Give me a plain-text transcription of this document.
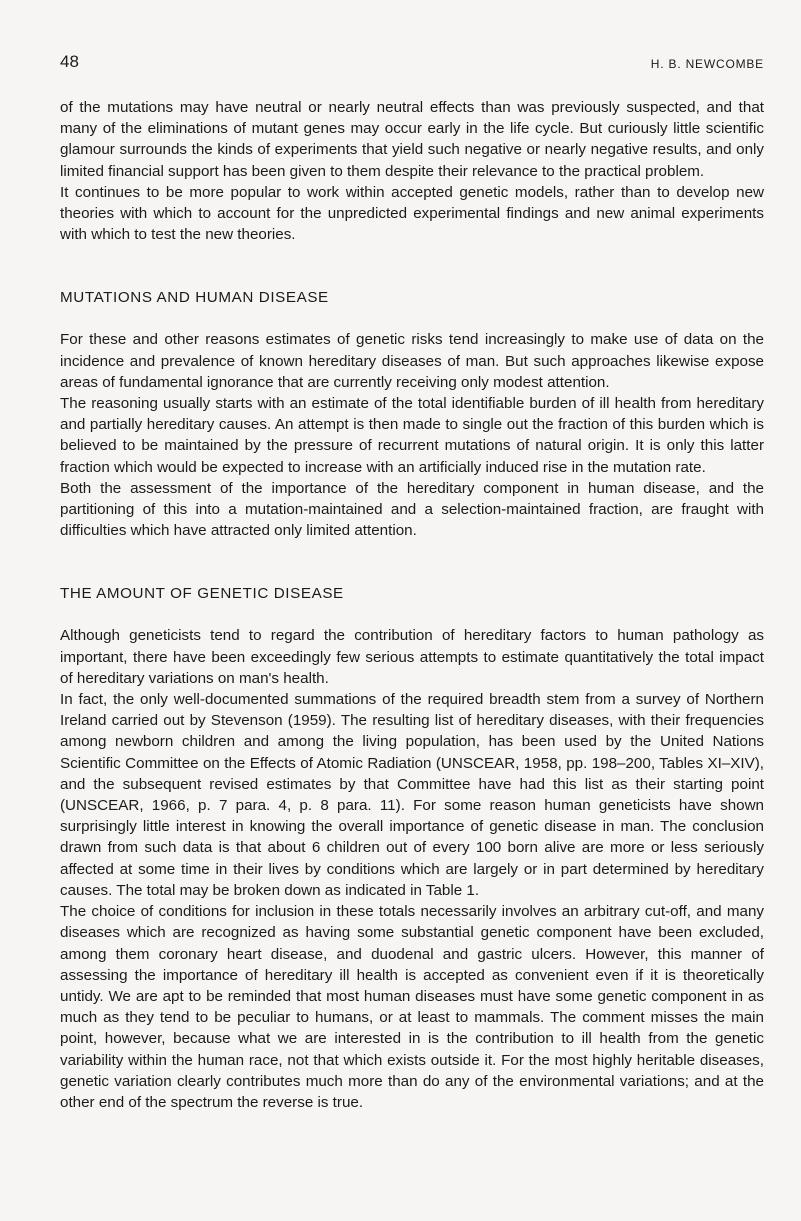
48	H. B. NEWCOMBE

of the mutations may have neutral or nearly neutral effects than was previously suspected, and that many of the eliminations of mutant genes may occur early in the life cycle. But curiously little scientific glamour surrounds the kinds of experiments that yield such negative or nearly negative results, and only limited financial support has been given to them despite their relevance to the practical problem.

It continues to be more popular to work within accepted genetic models, rather than to develop new theories with which to account for the unpredicted experimental findings and new animal experiments with which to test the new theories.

MUTATIONS AND HUMAN DISEASE

For these and other reasons estimates of genetic risks tend increasingly to make use of data on the incidence and prevalence of known hereditary diseases of man. But such approaches likewise expose areas of fundamental ignorance that are currently receiving only modest attention.

The reasoning usually starts with an estimate of the total identifiable burden of ill health from hereditary and partially hereditary causes. An attempt is then made to single out the fraction of this burden which is believed to be maintained by the pressure of recurrent mutations of natural origin. It is only this latter fraction which would be expected to increase with an artificially induced rise in the mutation rate.

Both the assessment of the importance of the hereditary component in human disease, and the partitioning of this into a mutation-maintained and a selection-maintained fraction, are fraught with difficulties which have attracted only limited attention.

THE AMOUNT OF GENETIC DISEASE

Although geneticists tend to regard the contribution of hereditary factors to human pathology as important, there have been exceedingly few serious attempts to estimate quantitatively the total impact of hereditary variations on man's health.

In fact, the only well-documented summations of the required breadth stem from a survey of Northern Ireland carried out by Stevenson (1959). The resulting list of hereditary diseases, with their frequencies among newborn children and among the living population, has been used by the United Nations Scientific Committee on the Effects of Atomic Radiation (UNSCEAR, 1958, pp. 198–200, Tables XI–XIV), and the subsequent revised estimates by that Committee have had this list as their starting point (UNSCEAR, 1966, p. 7 para. 4, p. 8 para. 11). For some reason human geneticists have shown surprisingly little interest in knowing the overall importance of genetic disease in man. The conclusion drawn from such data is that about 6 children out of every 100 born alive are more or less seriously affected at some time in their lives by conditions which are largely or in part determined by hereditary causes. The total may be broken down as indicated in Table 1.

The choice of conditions for inclusion in these totals necessarily involves an arbitrary cut-off, and many diseases which are recognized as having some substantial genetic component have been excluded, among them coronary heart disease, and duodenal and gastric ulcers. However, this manner of assessing the importance of hereditary ill health is accepted as convenient even if it is theoretically untidy. We are apt to be reminded that most human diseases must have some genetic component in as much as they tend to be peculiar to humans, or at least to mammals. The comment misses the main point, however, because what we are interested in is the contribution to ill health from the genetic variability within the human race, not that which exists outside it. For the most highly heritable diseases, genetic variation clearly contributes much more than do any of the environmental variations; and at the other end of the spectrum the reverse is true.
